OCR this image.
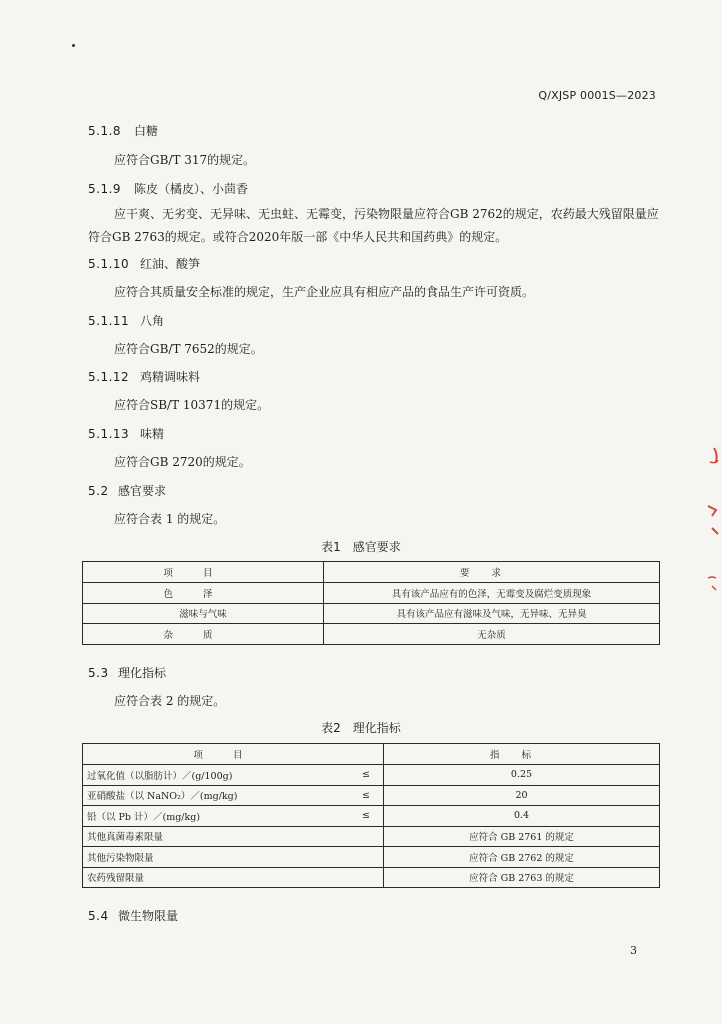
Q/XJSP 0001S—2023
5.1.8 白糖
应符合GB/T 317的规定。
5.1.9 陈皮（橘皮）、小茴香
应干爽、无劣变、无异味、无虫蛀、无霉变，污染物限量应符合GB 2762的规定，农药最大残留限量应符合GB 2763的规定。或符合2020年版一部《中华人民共和国药典》的规定。
5.1.10 红油、酸笋
应符合其质量安全标准的规定，生产企业应具有相应产品的食品生产许可资质。
5.1.11 八角
应符合GB/T 7652的规定。
5.1.12 鸡精调味料
应符合SB/T 10371的规定。
5.1.13 味精
应符合GB 2720的规定。
5.2 感官要求
应符合表 1 的规定。
表1　感官要求
项目	要求
色泽	具有该产品应有的色泽，无霉变及腐烂变质现象
滋味与气味	具有该产品应有滋味及气味，无异味、无异臭
杂质	无杂质
5.3 理化指标
应符合表 2 的规定。
表2　理化指标
项目		指标
过氧化值（以脂肪计）／(g/100g)	≤	0.25
亚硝酸盐（以 NaNO₂）／(mg/kg)	≤	20
铅（以 Pb 计）／(mg/kg)	≤	0.4
其他真菌毒素限量		应符合 GB 2761 的规定
其他污染物限量		应符合 GB 2762 的规定
农药残留限量		应符合 GB 2763 的规定
5.4 微生物限量
3
